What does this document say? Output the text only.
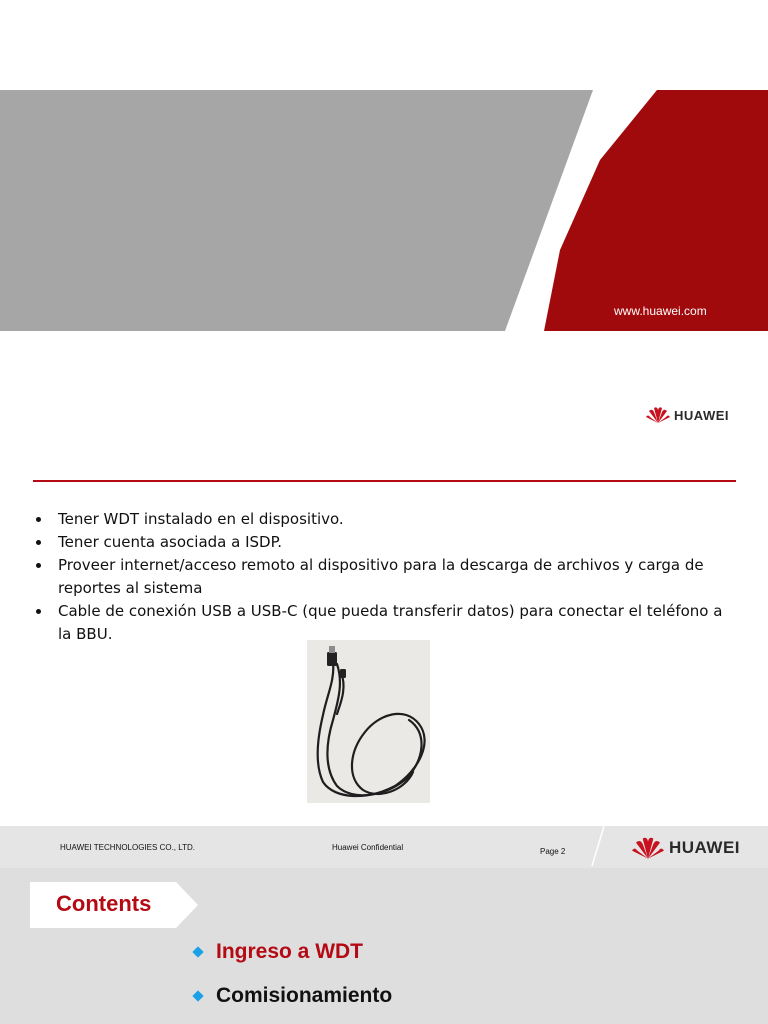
www.huawei.com
HUAWEI
Tener WDT instalado en el dispositivo.
Tener cuenta asociada a ISDP.
Proveer internet/acceso remoto al dispositivo para la descarga de archivos y carga de reportes al sistema
Cable de conexión USB a USB-C (que pueda transferir datos) para conectar el teléfono a la BBU.
HUAWEI TECHNOLOGIES CO., LTD.	Huawei Confidential	Page 2	HUAWEI
Contents
Ingreso a WDT
Comisionamiento
